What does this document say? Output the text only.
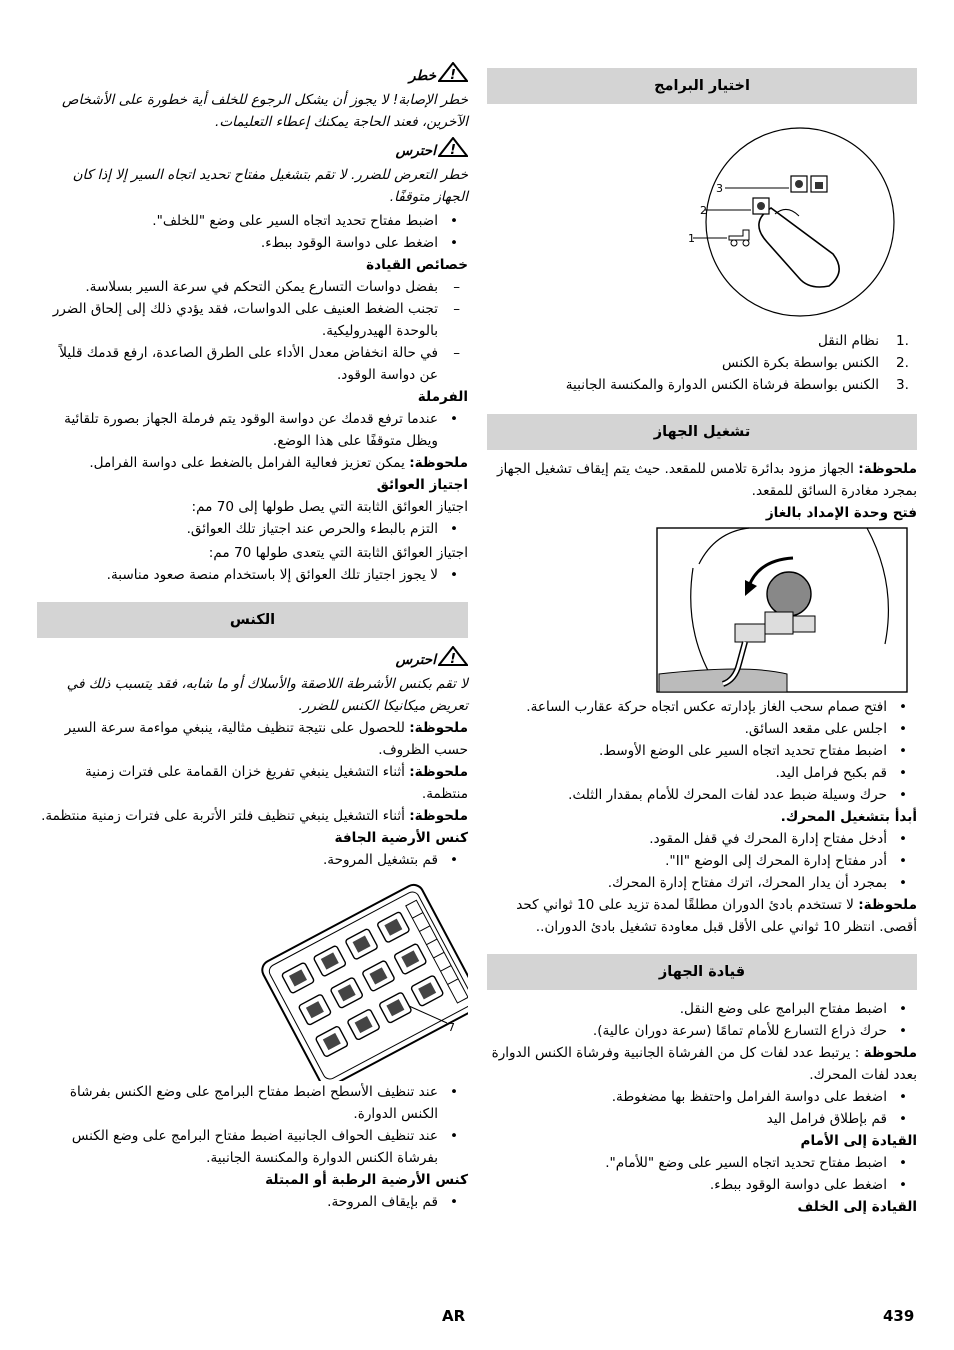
!
خطر

خطر الإصابة! لا يجوز أن يشكل الرجوع للخلف أية خطورة على الأشخاص الآخرين، فعند الحاجة يمكنك إعطاء التعليمات.

!
احترس

خطر التعرض للضرر. لا تقم بتشغيل مفتاح تحديد اتجاه السير إلا إذا كان الجهاز متوقفًا.

• اضبط مفتاح تحديد اتجاه السير على وضع "للخلف".
• اضغط على دواسة الوقود ببطء.

خصائص القيادة

– بفضل دواسات التسارع يمكن التحكم في سرعة السير بسلاسة.
– تجنب الضغط العنيف على الدواسات، فقد يؤدي ذلك إلى إلحاق الضرر بالوحدة الهيدروليكية.
– في حالة انخفاض معدل الأداء على الطرق الصاعدة، ارفع قدمك قليلاً عن دواسة الوقود.

الفرملة

• عندما ترفع قدمك عن دواسة الوقود يتم فرملة الجهاز بصورة تلقائية ويظل متوقفًا على هذا الوضع.

ملحوظة: يمكن تعزيز فعالية الفرامل بالضغط على دواسة الفرامل.

اجتياز العوائق

اجتياز العوائق الثابتة التي يصل طولها إلى 70 مم:

• التزم بالبطء والحرص عند اجتياز تلك العوائق.

اجتياز العوائق الثابتة التي يتعدى طولها 70 مم:

• لا يجوز اجتياز تلك العوائق إلا باستخدام منصة صعود مناسبة.
الكنس
!
احترس

لا تقم بكنس الأشرطة اللاصقة والأسلاك أو ما شابه، فقد يتسبب ذلك في تعريض ميكانيكا الكنس للضرر.

ملحوظة: للحصول على نتيجة تنظيف مثالية، ينبغي مواءمة سرعة السير حسب الظروف.

ملحوظة: أثناء التشغيل ينبغي تفريغ خزان القمامة على فترات زمنية منتظمة.

ملحوظة: أثناء التشغيل ينبغي تنظيف فلتر الأتربة على فترات زمنية منتظمة.

كنس الأرضية الجافة

• قم بتشغيل المروحة.
7
• عند تنظيف الأسطح اضبط مفتاح البرامج على وضع الكنس بفرشاة الكنس الدوارة.
• عند تنظيف الحواف الجانبية اضبط مفتاح البرامج على وضع الكنس بفرشاة الكنس الدوارة والمكنسة الجانبية.

كنس الأرضية الرطبة أو المبتلة

• قم بإيقاف المروحة.
اختيار البرامج
3
2
1
.1
نظام النقل
.2
الكنس بواسطة بكرة الكنس
.3
الكنس بواسطة فرشاة الكنس الدوارة والمكنسة الجانبية
تشغيل الجهاز

ملحوظة: الجهاز مزود بدائرة تلامس للمقعد. حيث يتم إيقاف تشغيل الجهاز بمجرد مغادرة السائق للمقعد.

فتح وحدة الإمداد بالغاز

• افتح صمام سحب الغاز بإدارته عكس اتجاه حركة عقارب الساعة.
• اجلس على مقعد السائق.
• اضبط مفتاح تحديد اتجاه السير على الوضع الأوسط.
• قم بكبح فرامل اليد.
• حرك وسيلة ضبط عدد لفات المحرك للأمام بمقدار الثلث.

أبدأ بتشغيل المحرك.

• أدخل مفتاح إدارة المحرك في قفل المقود.
• أدر مفتاح إدارة المحرك إلى الوضع "II".
• بمجرد أن يدار المحرك، اترك مفتاح إدارة المحرك.

ملحوظة: لا تستخدم بادئ الدوران مطلقًا لمدة تزيد على 10 ثواني كحد أقصى. انتظر 10 ثواني على الأقل قبل معاودة تشغيل بادئ الدوران..

قيادة الجهاز
• اضبط مفتاح البرامج على وضع النقل.
• حرك ذراع التسارع للأمام تمامًا (سرعة دوران عالية).

ملحوظة : يرتبط عدد لفات كل من الفرشاة الجانبية وفرشاة الكنس الدوارة بعدد لفات المحرك.

• اضغط على دواسة الفرامل واحتفظ بها مضغوطة.
• قم بإطلاق فرامل اليد

القيادة إلى الأمام

• اضبط مفتاح تحديد اتجاه السير على وضع "للأمام".
• اضغط على دواسة الوقود ببطء.

القيادة إلى الخلف

AR	439
